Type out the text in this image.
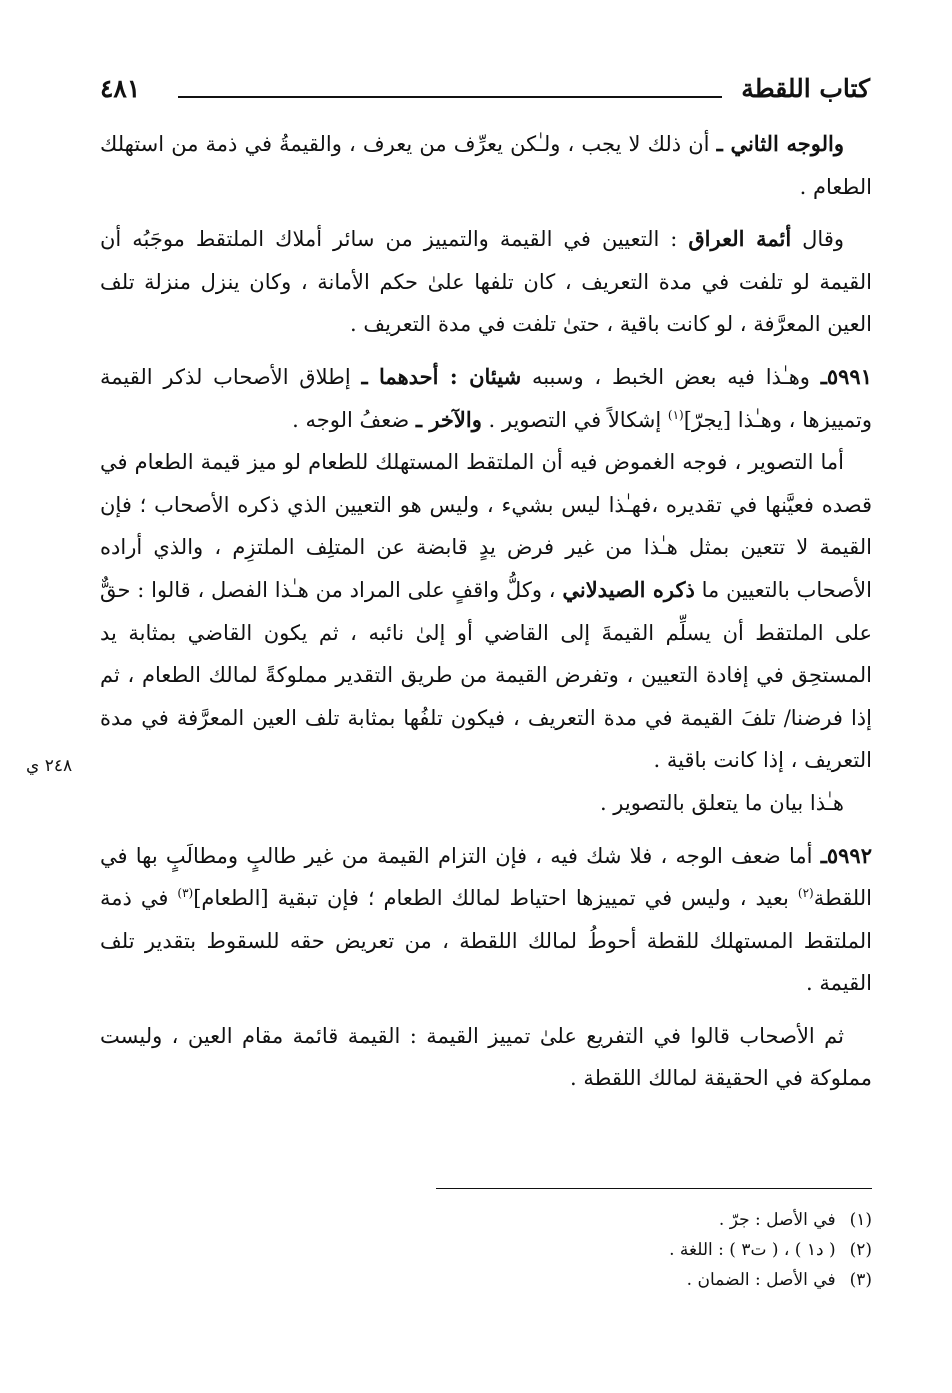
كتاب اللقطة
٤٨١

والوجه الثاني ـ أن ذلك لا يجب ، ولـٰكن يعرِّف من يعرف ، والقيمةُ في ذمة من استهلك الطعام .

وقال أئمة العراق : التعيين في القيمة والتمييز من سائر أملاك الملتقط موجَبُه أن القيمة لو تلفت في مدة التعريف ، كان تلفها علىٰ حكم الأمانة ، وكان ينزل منزلة تلف العين المعرَّفة ، لو كانت باقية ، حتىٰ تلفت في مدة التعريف .

٥٩٩١ـ وهـٰذا فيه بعض الخبط ، وسببه شيئان : أحدهما ـ إطلاق الأصحاب لذكر القيمة وتمييزها ، وهـٰذا [يجرّ]$^{(١)}$ إشكالاً في التصوير . والآخر ـ ضعفُ الوجه .

أما التصوير ، فوجه الغموض فيه أن الملتقط المستهلك للطعام لو ميز قيمة الطعام في قصده فعيَّنها في تقديره ،فهـٰذا ليس بشيء ، وليس هو التعيين الذي ذكره الأصحاب ؛ فإن القيمة لا تتعين بمثل هـٰذا من غير فرض يدٍ قابضة عن المتلِف الملتزِم ، والذي أراده الأصحاب بالتعيين ما ذكره الصيدلاني ، وكلُّ واقفٍ على المراد من هـٰذا الفصل ، قالوا : حقٌّ على الملتقط أن يسلِّم القيمةَ إلى القاضي أو إلىٰ نائبه ، ثم يكون القاضي بمثابة يد المستحِق في إفادة التعيين ، وتفرض القيمة من طريق التقدير مملوكةً لمالك الطعام ، ثم إذا فرضنا/ تلفَ القيمة في مدة التعريف ، فيكون تلفُها بمثابة تلف العين المعرَّفة في مدة التعريف ، إذا كانت باقية .

هـٰذا بيان ما يتعلق بالتصوير .

٥٩٩٢ـ أما ضعف الوجه ، فلا شك فيه ، فإن التزام القيمة من غير طالبٍ ومطالَبٍ بها في اللقطة$^{(٢)}$ بعيد ، وليس في تمييزها احتياط لمالك الطعام ؛ فإن تبقية [الطعام]$^{(٣)}$ في ذمة الملتقط المستهلك للقطة أحوطُ لمالك اللقطة ، من تعريض حقه للسقوط بتقدير تلف القيمة .

ثم الأصحاب قالوا في التفريع علىٰ تمييز القيمة : القيمة قائمة مقام العين ، وليست مملوكة في الحقيقة لمالك اللقطة .

٢٤٨ ي
(١)في الأصل : جرّ .
(٢)( د١ ) ، ( ت٣ ) : اللغة .
(٣)في الأصل : الضمان .
